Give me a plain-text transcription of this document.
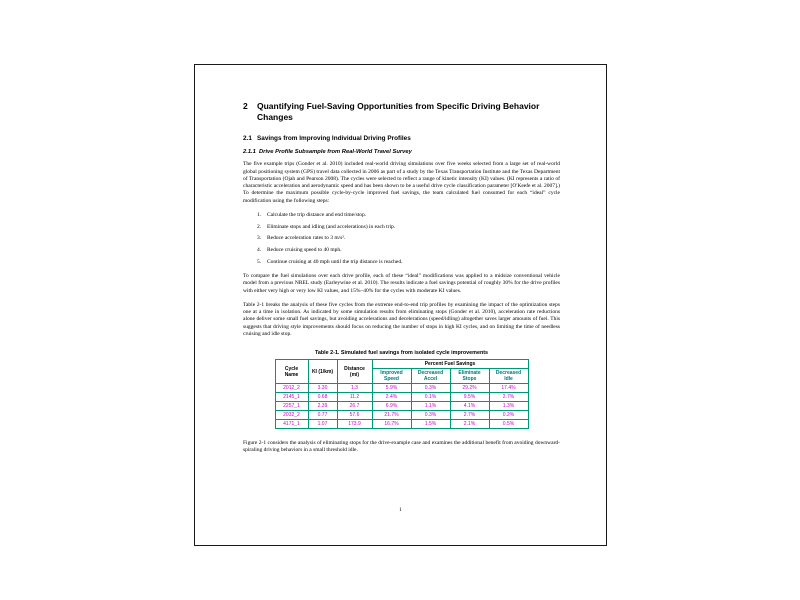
2	Quantifying Fuel-Saving Opportunities from Specific Driving Behavior Changes
2.1 Savings from Improving Individual Driving Profiles
2.1.1 Drive Profile Subsample from Real-World Travel Survey

The five example trips (Gonder et al. 2010) included real-world driving simulations over five weeks selected from a large set of real-world global positioning system (GPS) travel data collected in 2006 as part of a study by the Texas Transportation Institute and the Texas Department of Transportation (Ojah and Pearson 2008). The cycles were selected to reflect a range of kinetic intensity (KI) values. (KI represents a ratio of characteristic acceleration and aerodynamic speed and has been shown to be a useful drive cycle classification parameter [O'Keefe et al. 2007].) To determine the maximum possible cycle-by-cycle improved fuel savings, the team calculated fuel consumed for each “ideal” cycle modification using the following steps:

1.	Calculate the trip distance and end time/stop.
2.	Eliminate stops and idling (and accelerations) in each trip.
3.	Reduce acceleration rates to 3 m/s².
4.	Reduce cruising speed to 40 mph.
5.	Continue cruising at 40 mph until the trip distance is reached.

To compare the fuel simulations over each drive profile, each of these “ideal” modifications was applied to a midsize conventional vehicle model from a previous NREL study (Earleywine et al. 2010). The results indicate a fuel savings potential of roughly 30% for the drive profiles with either very high or very low KI values, and 15%–40% for the cycles with moderate KI values.

Table 2-1 breaks the analysis of these five cycles from the extreme end-to-end trip profiles by examining the impact of the optimization steps one at a time in isolation. As indicated by some simulation results from eliminating stops (Gonder et al. 2010), acceleration rate reductions alone deliver some small fuel savings, but avoiding accelerations and decelerations (speed/idling) altogether saves larger amounts of fuel. This suggests that driving style improvements should focus on reducing the number of stops in high KI cycles, and on limiting the time of needless cruising and idle stop.

Table 2-1. Simulated fuel savings from isolated cycle improvements
Cycle Name	KI (1/km)	Distance (mi)	Percent Fuel Savings			
			Improved Speed	Decreased Accel	Eliminate Stops	Decreased Idle
2012_2	3.30	1.3	5.9%	0.3%	29.2%	17.4%
2145_1	0.68	11.2	2.4%	0.1%	9.5%	2.7%
2257_1	2.39	26.7	6.9%	1.1%	4.1%	1.3%
2032_2	0.77	57.6	21.7%	0.3%	2.7%	0.2%
4171_1	1.07	173.9	16.7%	1.5%	2.1%	0.5%

Figure 2-1 considers the analysis of eliminating stops for the drive-example case and examines the additional benefit from avoiding downward-spiraling driving behaviors in a small threshold idle.

1
